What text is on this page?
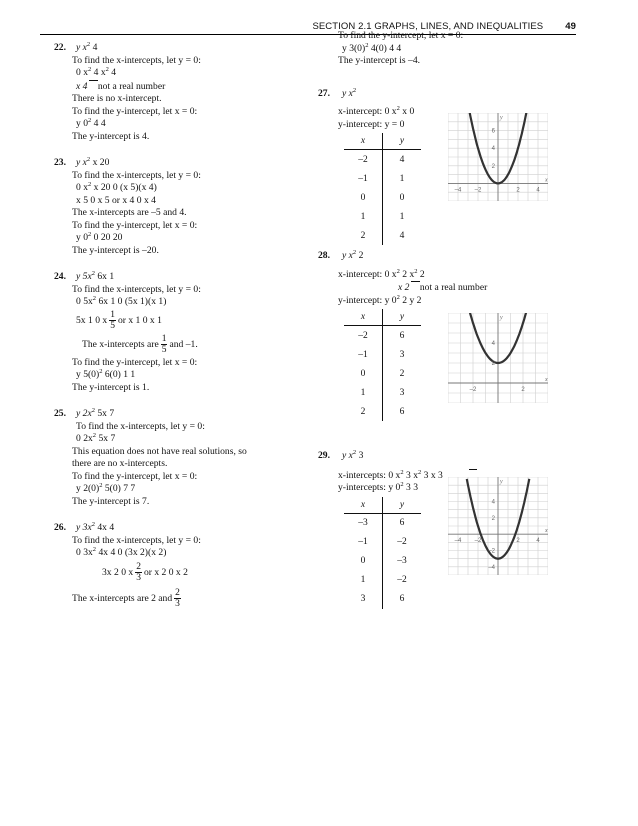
SECTION 2.1 GRAPHS, LINES, AND INEQUALITIES 49
22.	y $x^2$ 4
To find the x-intercepts, let y = 0:
0 $x^2$ 4 $x^2$ 4
x 4 not a real number
There is no x-intercept.
To find the y-intercept, let x = 0:
y $0^2$ 4 4
The y-intercept is 4.
23.	y $x^2$ x 20
To find the x-intercepts, let y = 0:
0 $x^2$ x 20 0 (x 5)(x 4)
x 5 0 x 5 or x 4 0 x 4
The x-intercepts are –5 and 4.
To find the y-intercept, let x = 0:
y $0^2$ 0 20 20
The y-intercept is –20.
24.	y $5x^2$ 6x 1
To find the x-intercepts, let y = 0:
0 $5x^2$ 6x 1 0 (5x 1)(x 1)
5x 1 0 x $\frac{1}{5}$ or x 1 0 x 1
The x-intercepts are $\frac{1}{5}$ and –1.
To find the y-intercept, let x = 0:
y $5(0)^2$ 6(0) 1 1
The y-intercept is 1.
25.	y $2x^2$ 5x 7
To find the x-intercepts, let y = 0:
0 $2x^2$ 5x 7
This equation does not have real solutions, so
there are no x-intercepts.
To find the y-intercept, let x = 0:
y $2(0)^2$ 5(0) 7 7
The y-intercept is 7.
26.	y $3x^2$ 4x 4
To find the x-intercepts, let y = 0:
0 $3x^2$ 4x 4 0 (3x 2)(x 2)
3x 2 0 x $\frac{2}{3}$ or x 2 0 x 2
The x-intercepts are 2 and $\frac{2}{3}$
To find the y-intercept, let x = 0:
y $3(0)^2$ 4(0) 4 4
The y-intercept is –4.
27.	y $x^2$
x-intercept: 0 $x^2$ x 0
y-intercept: y = 0
x	y
–2	4
–1	1
0	0
1	1
2	4
–4 –2	2	4
2
4
6
x
y
28.	y $x^2$ 2
x-intercept: 0 $x^2$ 2 $x^2$ 2
x 2 not a real number
y-intercept: y $0^2$ 2 y 2
x	y
–2	6
–1	3
0	2
1	3
2	6
–2	2
2
4
x
y
29.	y $x^2$ 3
x-intercepts: 0 $x^2$ 3 $x^2$ 3 x 3
y-intercepts: y $0^2$ 3 3
x	y
–3	6
–1	–2
0	–3
1	–2
3	6
–4 –2	2	4
2
4
–2
–4
x
y
